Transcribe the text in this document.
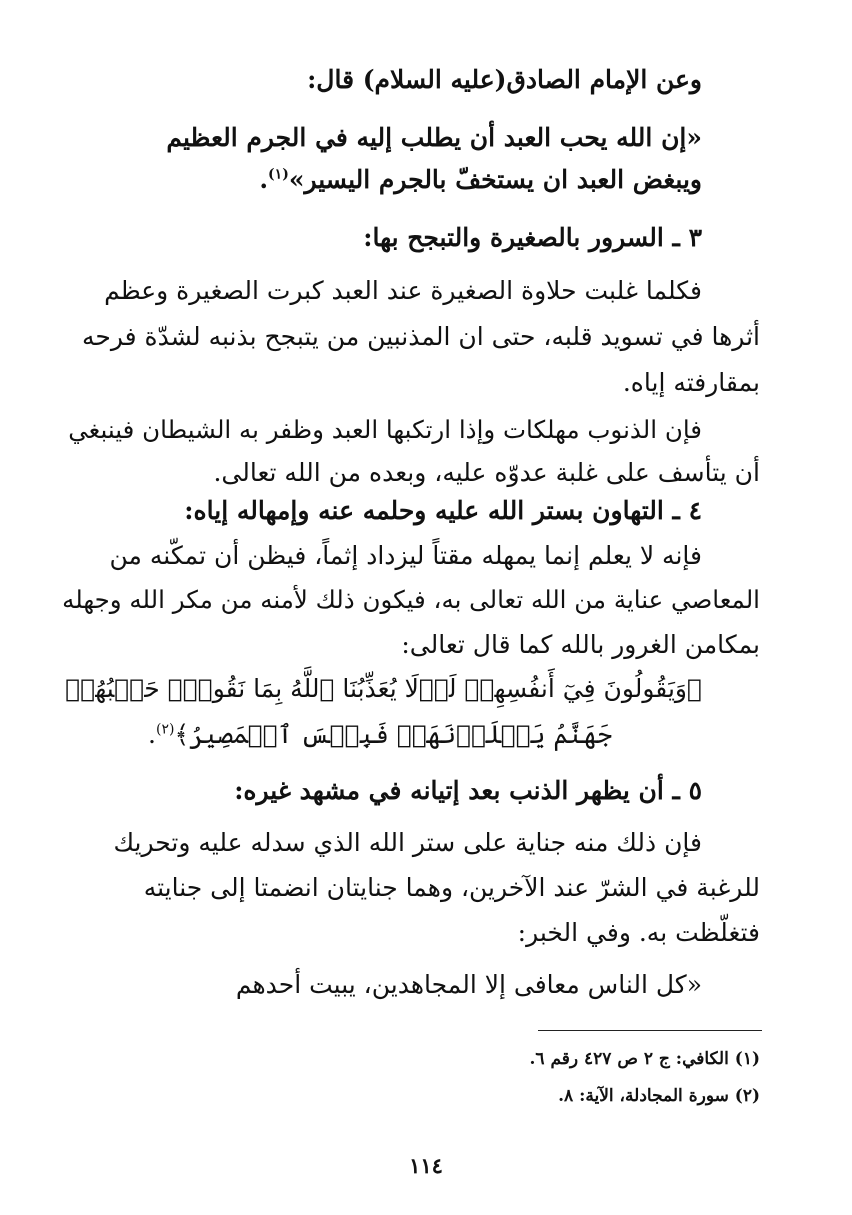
وعن الإمام الصادق(عليه السلام) قال:
«إن الله يحب العبد أن يطلب إليه في الجرم العظيم
ويبغض العبد ان يستخفّ بالجرم اليسير»$^{(١)}$.
٣ ـ السرور بالصغيرة والتبجح بها:
فكلما غلبت حلاوة الصغيرة عند العبد كبرت الصغيرة وعظم
أثرها في تسويد قلبه، حتى ان المذنبين من يتبجح بذنبه لشدّة فرحه
بمقارفته إياه.
فإن الذنوب مهلكات وإذا ارتكبها العبد وظفر به الشيطان فينبغي
أن يتأسف على غلبة عدوّه عليه، وبعده من الله تعالى.
٤ ـ التهاون بستر الله عليه وحلمه عنه وإمهاله إياه:
فإنه لا يعلم إنما يمهله مقتاً ليزداد إثماً، فيظن أن تمكّنه من
المعاصي عناية من الله تعالى به، فيكون ذلك لأمنه من مكر الله وجهله
بمكامن الغرور بالله كما قال تعالى:
﴿وَيَقُولُونَ فِيٓ أَنفُسِهِمۡ لَوۡلَا يُعَذِّبُنَا ٱللَّهُ بِمَا نَقُولُۚ حَسۡبُهُمۡ
جَهَنَّمُ يَصۡلَوۡنَهَاۖ فَبِئۡسَ ٱلۡمَصِيرُ﴾$^{(٢)}$.
٥ ـ أن يظهر الذنب بعد إتيانه في مشهد غيره:
فإن ذلك منه جناية على ستر الله الذي سدله عليه وتحريك
للرغبة في الشرّ عند الآخرين، وهما جنايتان انضمتا إلى جنايته
فتغلّظت به. وفي الخبر:
«كل الناس معافى إلا المجاهدين، يبيت أحدهم
(١) الكافي: ج ٢ ص ٤٢٧ رقم ٦.
(٢) سورة المجادلة، الآية: ٨.
١١٤
